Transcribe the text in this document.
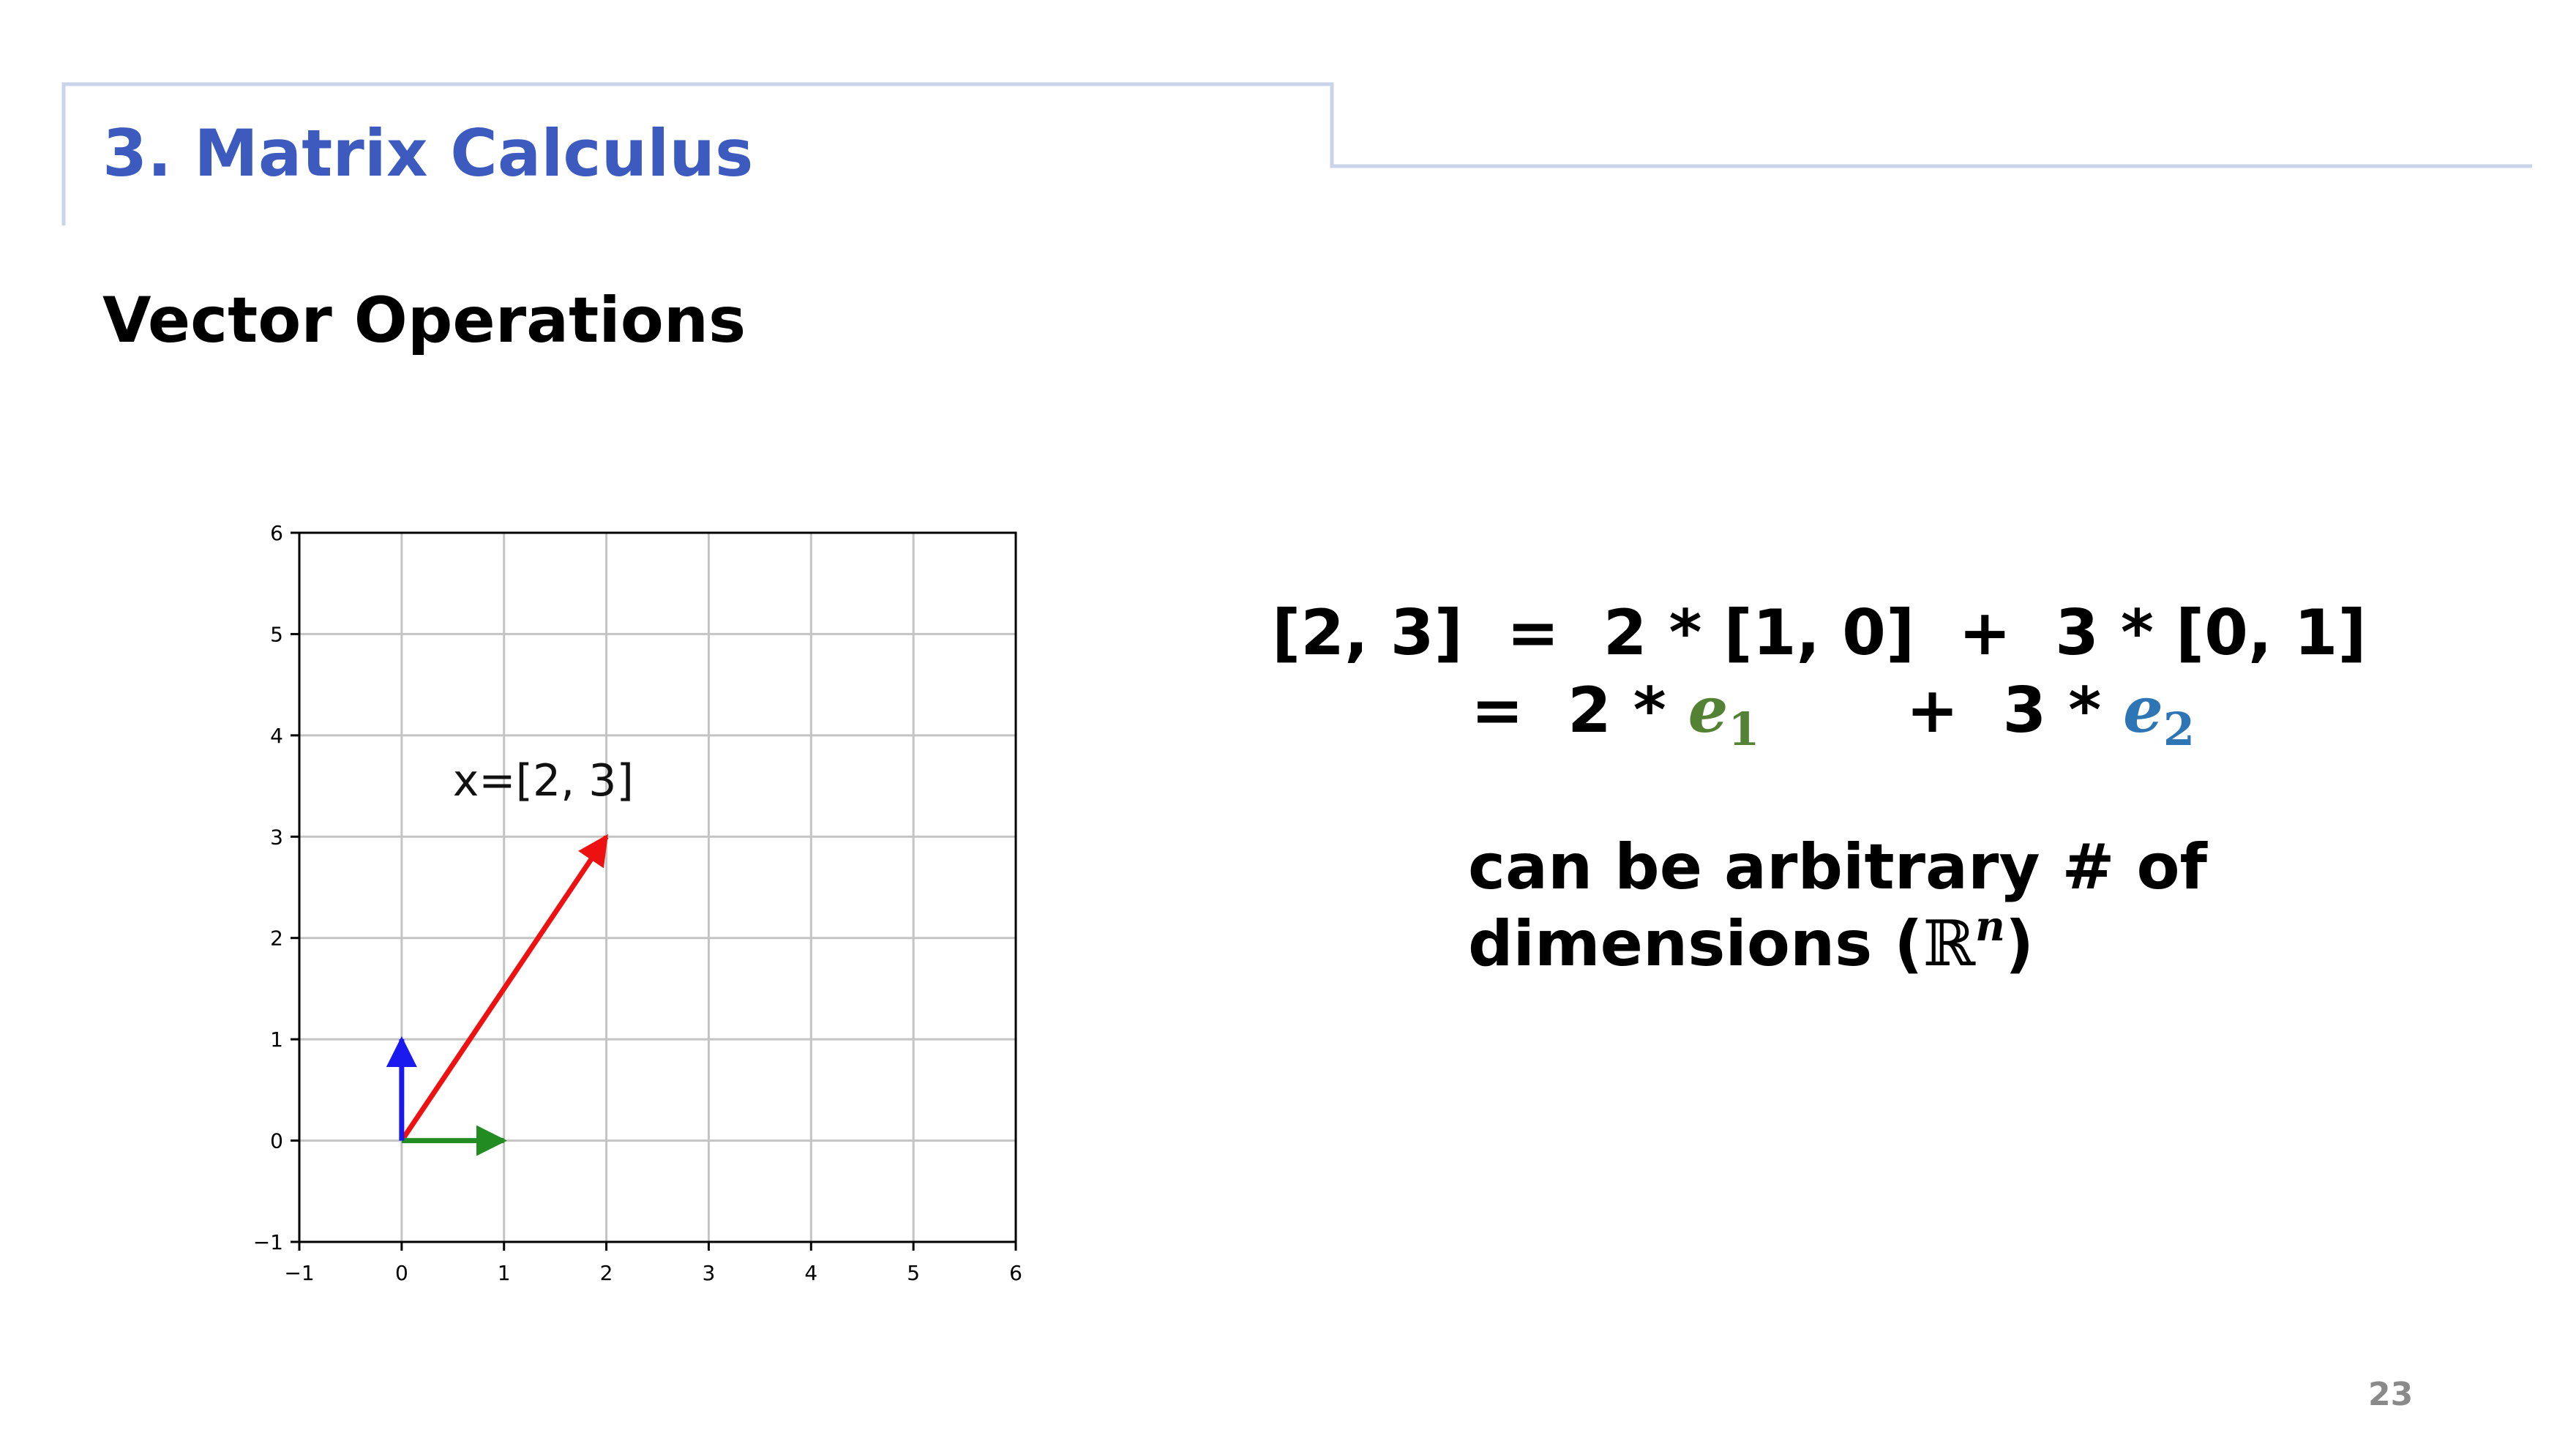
3. Matrix Calculus
Vector Operations
−1	0	1	2	3	4	5	6
−1
0
1
2
3
4
5
6
x=[2, 3]
[2, 3]  =  2 * [1, 0]  +  3 * [0, 1]
=  $2 * e_1 + 3 * e_2$
can be arbitrary # of
dimensions (ℝ$^n$)
23
